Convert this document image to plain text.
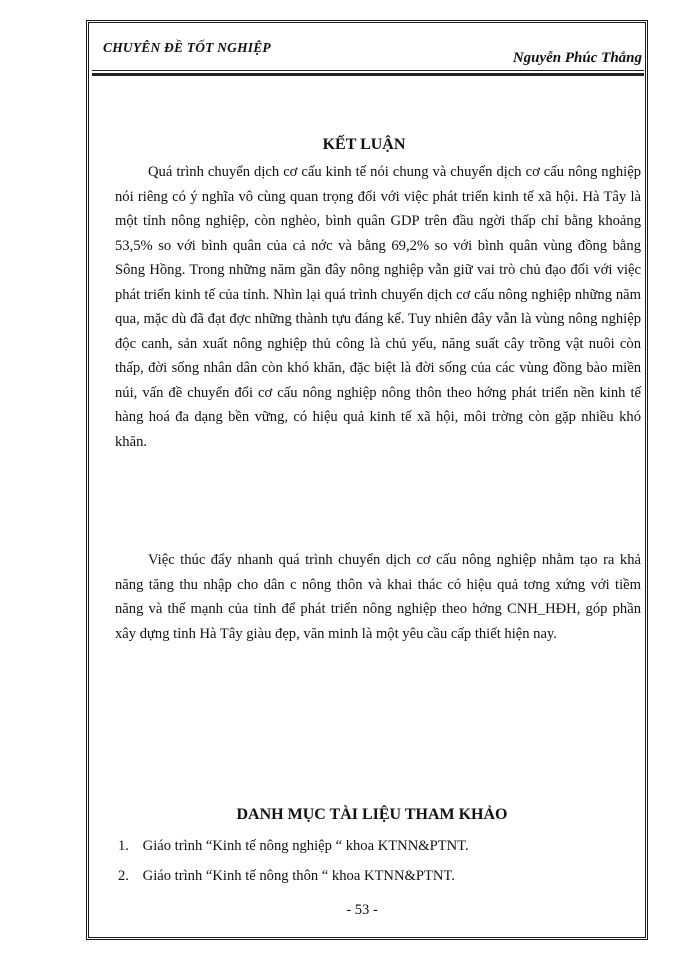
CHUYÊN ĐỀ TỐT NGHIỆP
Nguyễn Phúc Thắng
KẾT LUẬN

Quá trình chuyển dịch cơ cấu kinh tế nói chung và chuyển dịch cơ cấu nông nghiệp nói riêng có ý nghĩa vô cùng quan trọng đối với việc phát triển kinh tế xã hội. Hà Tây là một tỉnh nông nghiệp, còn nghèo, bình quân GDP trên đầu ngời thấp chỉ bằng khoảng 53,5% so với bình quân của cả nớc và bằng 69,2% so với bình quân vùng đồng bằng Sông Hồng. Trong những năm gần đây nông nghiệp vẫn giữ vai trò chủ đạo đối với việc phát triển kinh tế của tỉnh. Nhìn lại quá trình chuyển dịch cơ cấu nông nghiệp những năm qua, mặc dù đã đạt đợc những thành tựu đáng kể. Tuy nhiên đây vẫn là vùng nông nghiệp độc canh, sản xuất nông nghiệp thủ công là chủ yếu, năng suất cây trồng vật nuôi còn thấp, đời sống nhân dân còn khó khăn, đặc biệt là đời sống của các vùng đồng bào miền núi, vấn đề chuyển đổi cơ cấu nông nghiệp nông thôn theo hớng phát triển nền kinh tế hàng hoá đa dạng bền vững, có hiệu quả kinh tế xã hội, môi trờng còn gặp nhiều khó khăn.

Việc thúc đẩy nhanh quá trình chuyển dịch cơ cấu nông nghiệp nhằm tạo ra khả năng tăng thu nhập cho dân c nông thôn và khai thác có hiệu quả tơng xứng với tiềm năng và thế mạnh của tỉnh để phát triển nông nghiệp theo hớng CNH_HĐH, góp phần xây dựng tỉnh Hà Tây giàu đẹp, văn minh là một yêu cầu cấp thiết hiện nay.

DANH MỤC TÀI LIỆU THAM KHẢO
1. Giáo trình “Kinh tế nông nghiệp “ khoa KTNN&PTNT.
2. Giáo trình “Kinh tế nông thôn “ khoa KTNN&PTNT.
- 53 -
